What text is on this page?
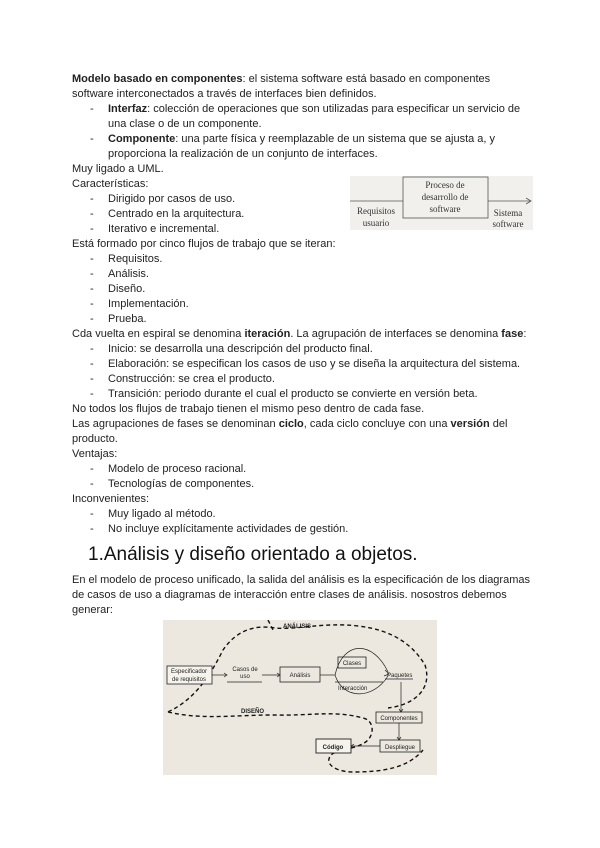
Modelo basado en componentes: el sistema software está basado en componentes software interconectados a través de interfaces bien definidos.

- Interfaz: colección de operaciones que son utilizadas para especificar un servicio de una clase o de un componente.
- Componente: una parte física y reemplazable de un sistema que se ajusta a, y proporciona la realización de un conjunto de interfaces.

Muy ligado a UML.

Características:

- Dirigido por casos de uso.
- Centrado en la arquitectura.
- Iterativo e incremental.

Está formado por cinco flujos de trabajo que se iteran:

- Requisitos.
- Análisis.
- Diseño.
- Implementación.
- Prueba.

Cda vuelta en espiral se denomina iteración. La agrupación de interfaces se denomina fase:

- Inicio: se desarrolla una descripción del producto final.
- Elaboración: se especifican los casos de uso y se diseña la arquitectura del sistema.
- Construcción: se crea el producto.
- Transición: periodo durante el cual el producto se convierte en versión beta.

No todos los flujos de trabajo tienen el mismo peso dentro de cada fase.

Las agrupaciones de fases se denominan ciclo, cada ciclo concluye con una versión del producto.

Ventajas:

- Modelo de proceso racional.
- Tecnologías de componentes.

Inconvenientes:

- Muy ligado al método.
- No incluye explícitamente actividades de gestión.
1.Análisis y diseño orientado a objetos.

En el modelo de proceso unificado, la salida del análisis es la especificación de los diagramas de casos de uso a diagramas de interacción entre clases de análisis. nosostros debemos generar:

Proceso de
desarrollo de
software
Requisitos
usuario
Sistema
software
ANÁLISIS
DISEÑO
Especificador
de requisitos
Casos de
uso	Análisis
Clases
Interacción
Paquetes
Componentes
Despliegue
Código
